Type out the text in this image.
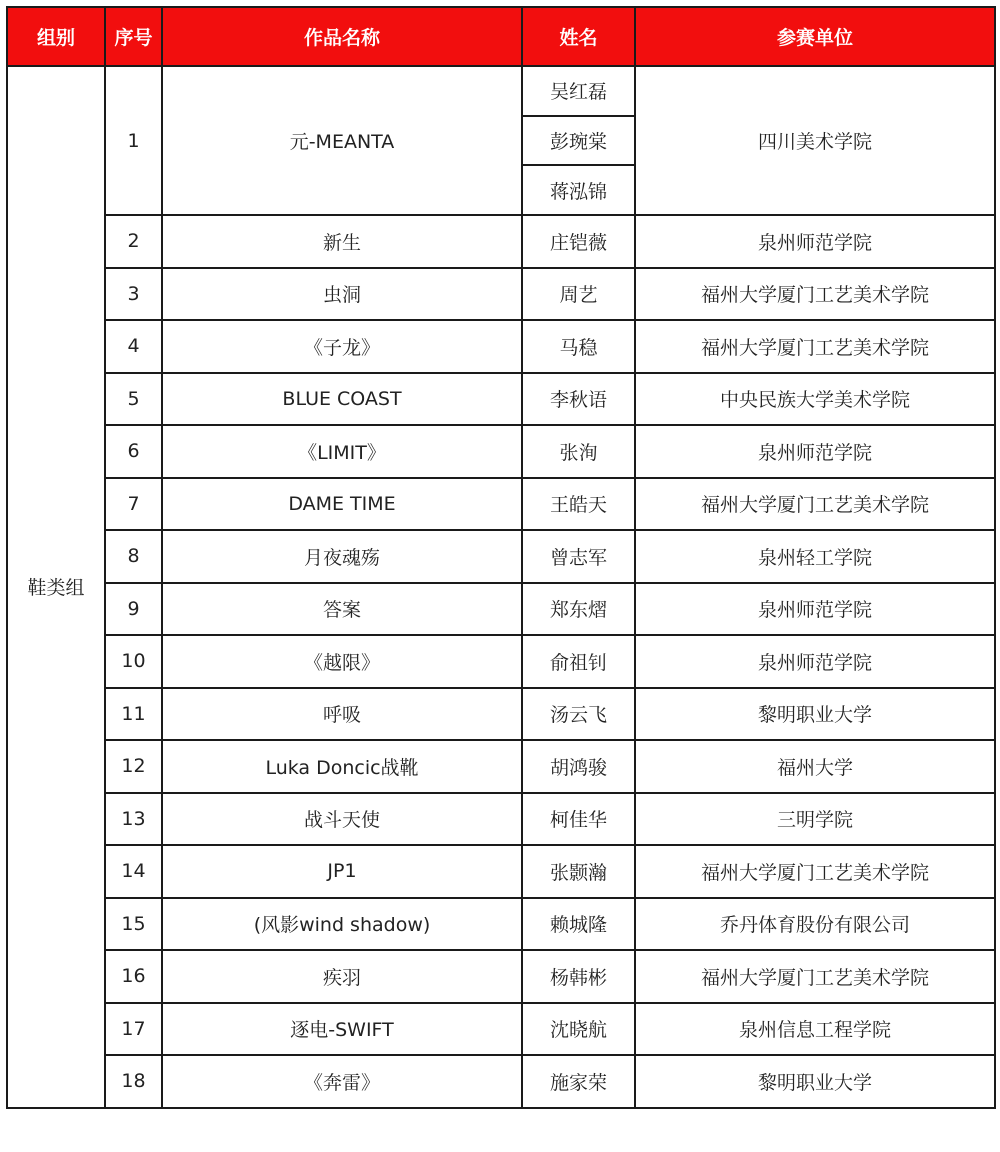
组别	序号	作品名称	姓名	参赛单位
鞋类组	1	元-MEANTA	吴红磊	四川美术学院
			彭琬棠	
			蒋泓锦	
	2	新生	庄铠薇	泉州师范学院
	3	虫洞	周艺	福州大学厦门工艺美术学院
	4	《子龙》	马稳	福州大学厦门工艺美术学院
	5	BLUE COAST	李秋语	中央民族大学美术学院
	6	《LIMIT》	张洵	泉州师范学院
	7	DAME TIME	王皓天	福州大学厦门工艺美术学院
	8	月夜魂殇	曾志军	泉州轻工学院
	9	答案	郑东熠	泉州师范学院
	10	《越限》	俞祖钊	泉州师范学院
	11	呼吸	汤云飞	黎明职业大学
	12	Luka Doncic战靴	胡鸿骏	福州大学
	13	战斗天使	柯佳华	三明学院
	14	JP1	张颢瀚	福州大学厦门工艺美术学院
	15	(风影wind shadow)	赖城隆	乔丹体育股份有限公司
	16	疾羽	杨韩彬	福州大学厦门工艺美术学院
	17	逐电-SWIFT	沈晓航	泉州信息工程学院
	18	《奔雷》	施家荣	黎明职业大学
